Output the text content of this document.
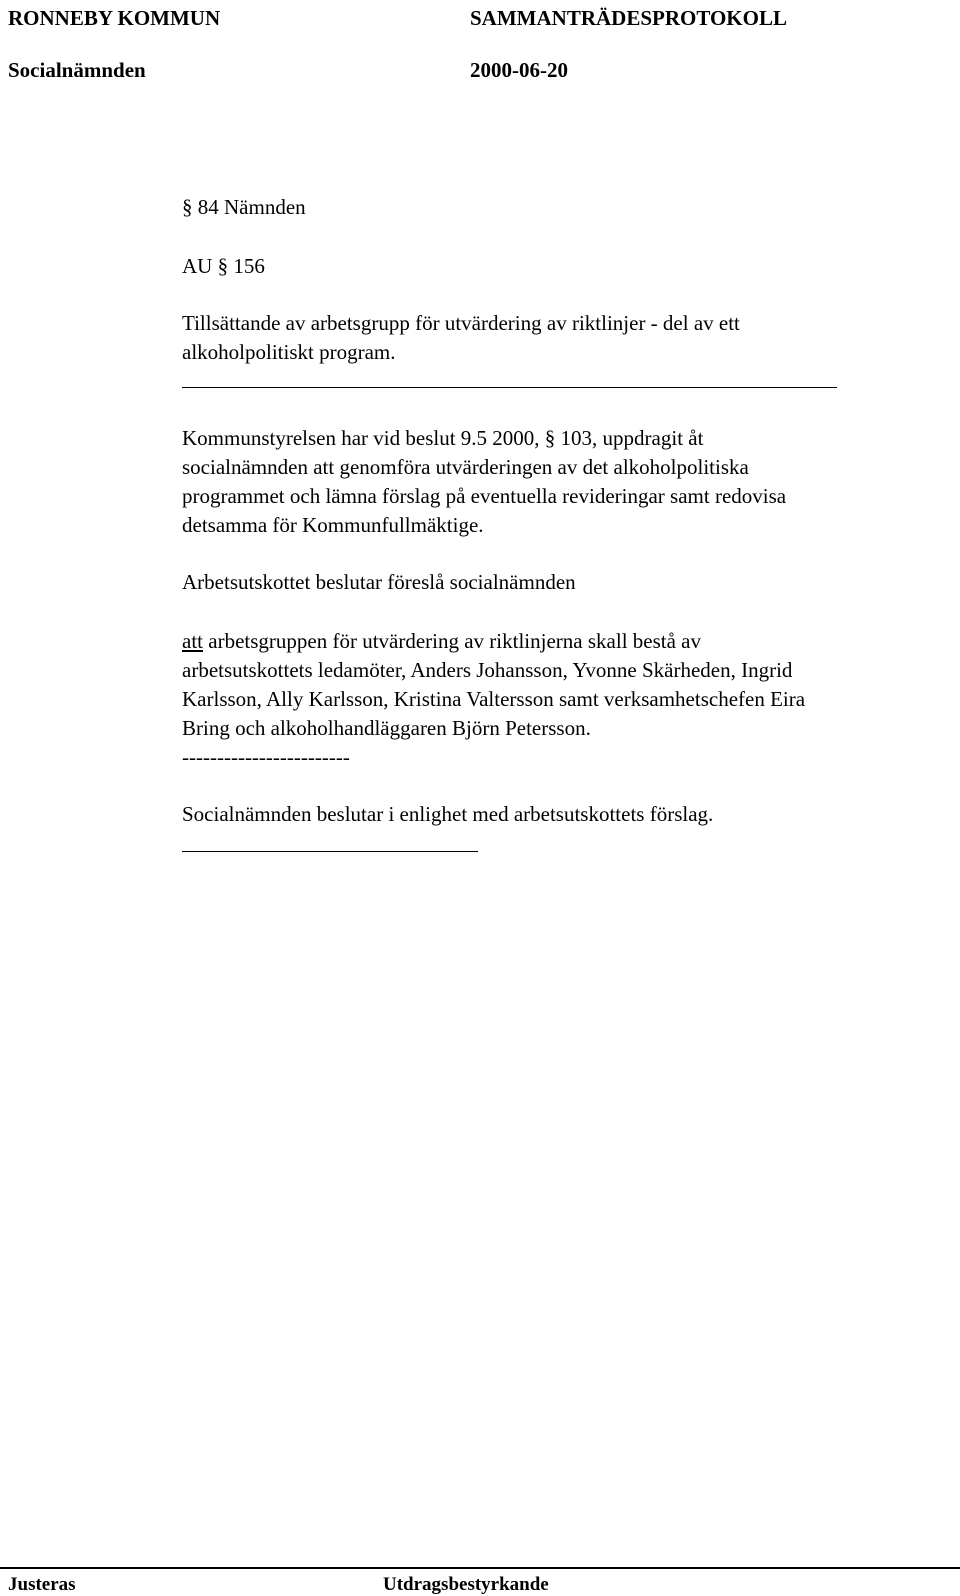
RONNEBY KOMMUN	SAMMANTRÄDESPROTOKOLL
Socialnämnden	2000-06-20
§ 84 Nämnden
AU § 156
Tillsättande av arbetsgrupp för utvärdering av riktlinjer - del av ett
alkoholpolitiskt program.
Kommunstyrelsen har vid beslut 9.5 2000, § 103, uppdragit åt
socialnämnden att genomföra utvärderingen av det alkoholpolitiska
programmet och lämna förslag på eventuella revideringar samt redovisa
detsamma för Kommunfullmäktige.
Arbetsutskottet beslutar föreslå socialnämnden
att arbetsgruppen för utvärdering av riktlinjerna skall bestå av
arbetsutskottets ledamöter, Anders Johansson, Yvonne Skärheden, Ingrid
Karlsson, Ally Karlsson, Kristina Valtersson samt verksamhetschefen Eira
Bring och alkoholhandläggaren Björn Petersson.
------------------------
Socialnämnden beslutar i enlighet med arbetsutskottets förslag.
Justeras	Utdragsbestyrkande
